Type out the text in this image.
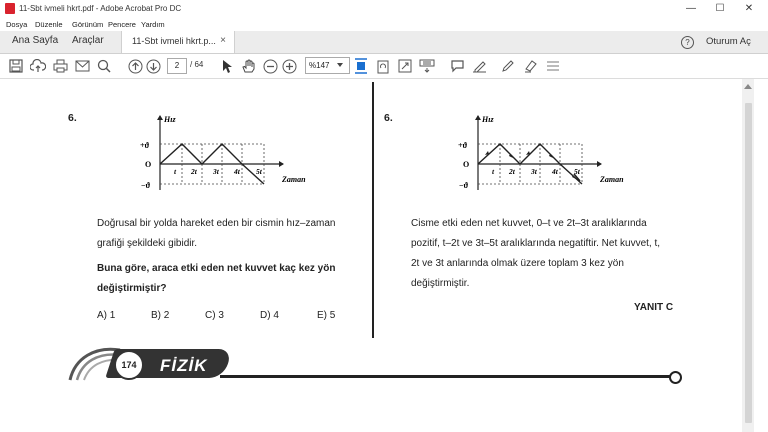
11-Sbt ivmeli hkrt.pdf - Adobe Acrobat Pro DC	—	☐	✕
Dosya Düzenle Görünüm Pencere Yardım
Ana Sayfa Araçlar	11-Sbt ivmeli hkrt.p... ×	?	Oturum Aç
2	/ 64	%147
6.	Hız
+ϑ
O
−ϑ
t 2t 3t 4t 5t
Zaman
Doğrusal bir yolda hareket eden bir cismin hız–zaman
grafiği şekildeki gibidir.
Buna göre, araca etki eden net kuvvet kaç kez yön
değiştirmiştir?
A) 1	B) 2	C) 3	D) 4	E) 5
6.	Hız
+ϑ
O
−ϑ
t 2t 3t 4t 5t
Zaman
Cisme etki eden net kuvvet, 0–t ve 2t–3t aralıklarında
pozitif, t–2t ve 3t–5t aralıklarında negatiftir. Net kuvvet, t,
2t ve 3t anlarında olmak üzere toplam 3 kez yön
değiştirmiştir.
YANIT C
FİZİK
174
